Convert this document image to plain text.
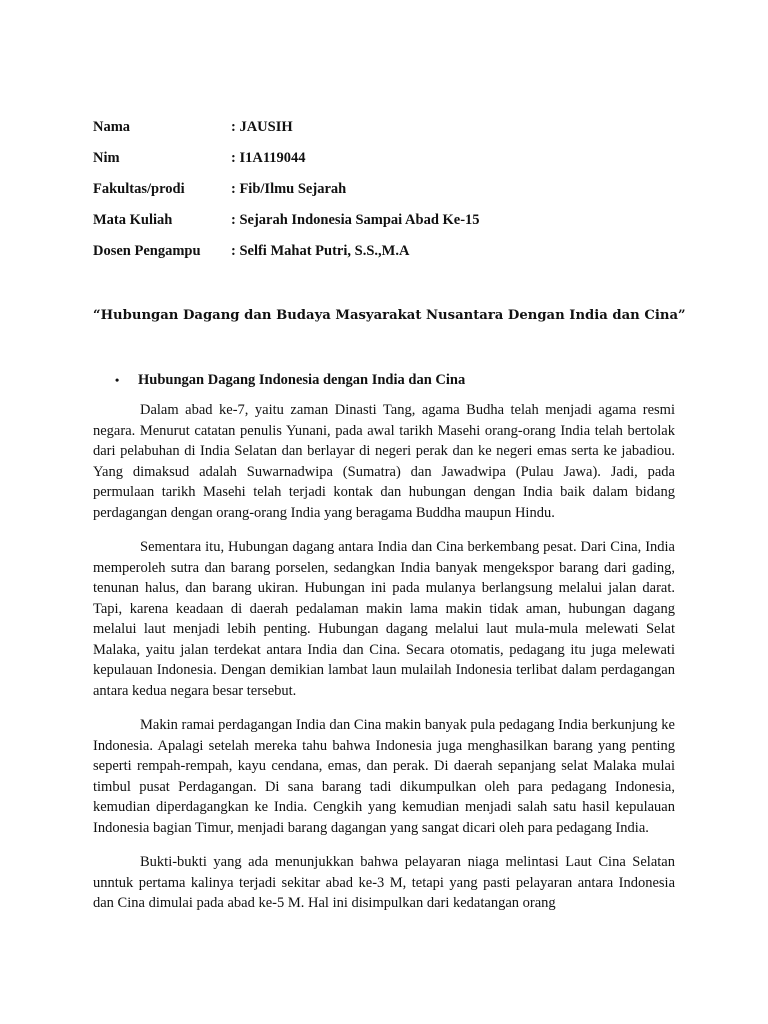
Nama	: JAUSIH
Nim	: I1A119044
Fakultas/prodi	: Fib/Ilmu Sejarah
Mata Kuliah	: Sejarah Indonesia Sampai Abad Ke-15
Dosen Pengampu	: Selfi Mahat Putri, S.S.,M.A
“Hubungan Dagang dan Budaya Masyarakat Nusantara Dengan India dan Cina”
•	Hubungan Dagang Indonesia dengan India dan Cina

Dalam abad ke-7, yaitu zaman Dinasti Tang, agama Budha telah menjadi agama resmi negara. Menurut catatan penulis Yunani, pada awal tarikh Masehi orang-orang India telah bertolak dari pelabuhan di India Selatan dan berlayar di negeri perak dan ke negeri emas serta ke jabadiou. Yang dimaksud adalah Suwarnadwipa (Sumatra) dan Jawadwipa (Pulau Jawa). Jadi, pada permulaan tarikh Masehi telah terjadi kontak dan hubungan dengan India baik dalam bidang perdagangan dengan orang-orang India yang beragama Buddha maupun Hindu.

Sementara itu, Hubungan dagang antara India dan Cina berkembang pesat. Dari Cina, India memperoleh sutra dan barang porselen, sedangkan India banyak mengekspor barang dari gading, tenunan halus, dan barang ukiran. Hubungan ini pada mulanya berlangsung melalui jalan darat. Tapi, karena keadaan di daerah pedalaman makin lama makin tidak aman, hubungan dagang melalui laut menjadi lebih penting. Hubungan dagang melalui laut mula-mula melewati Selat Malaka, yaitu jalan terdekat antara India dan Cina. Secara otomatis, pedagang itu juga melewati kepulauan Indonesia. Dengan demikian lambat laun mulailah Indonesia terlibat dalam perdagangan antara kedua negara besar tersebut.

Makin ramai perdagangan India dan Cina makin banyak pula pedagang India berkunjung ke Indonesia. Apalagi setelah mereka tahu bahwa Indonesia juga menghasilkan barang yang penting seperti rempah-rempah, kayu cendana, emas, dan perak. Di daerah sepanjang selat Malaka mulai timbul pusat Perdagangan. Di sana barang tadi dikumpulkan oleh para pedagang Indonesia, kemudian diperdagangkan ke India. Cengkih yang kemudian menjadi salah satu hasil kepulauan Indonesia bagian Timur, menjadi barang dagangan yang sangat dicari oleh para pedagang India.

Bukti-bukti yang ada menunjukkan bahwa pelayaran niaga melintasi Laut Cina Selatan unntuk pertama kalinya terjadi sekitar abad ke-3 M, tetapi yang pasti pelayaran antara Indonesia dan Cina dimulai pada abad ke-5 M. Hal ini disimpulkan dari kedatangan orang
